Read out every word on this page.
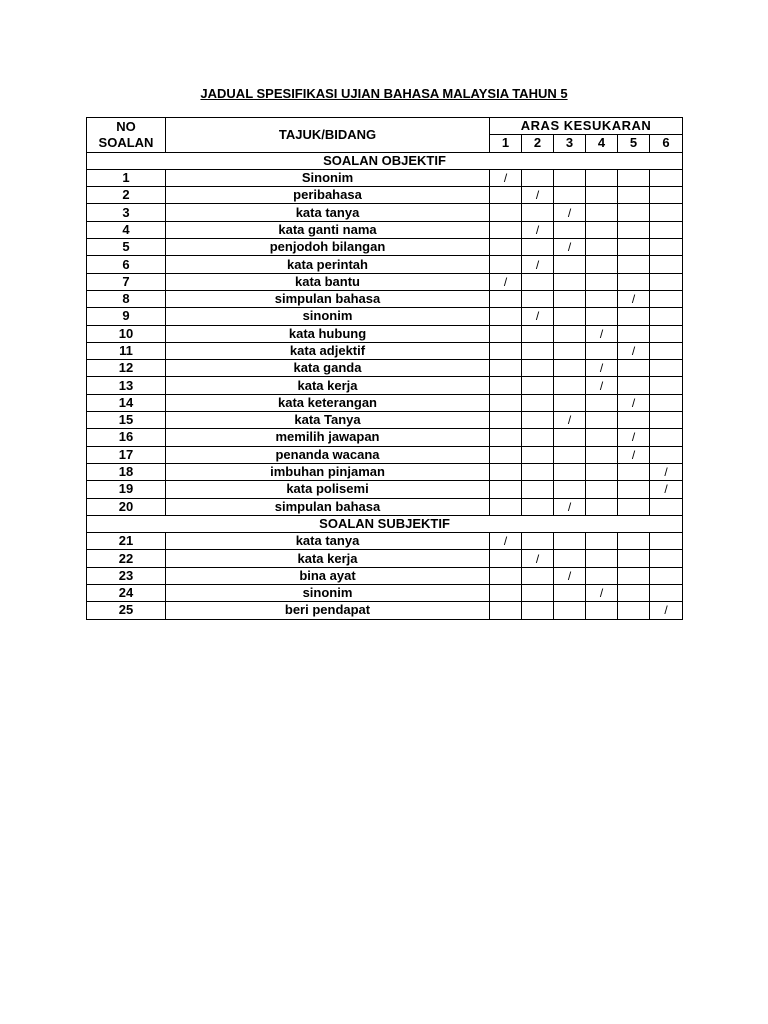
JADUAL SPESIFIKASI UJIAN BAHASA MALAYSIA TAHUN 5
NO
SOALAN	TAJUK/BIDANG	ARAS KESUKARAN					
		1	2	3	4	5	6
SOALAN OBJEKTIF							
1	Sinonim	/					
2	peribahasa		/				
3	kata tanya			/			
4	kata ganti nama		/				
5	penjodoh bilangan			/			
6	kata perintah		/				
7	kata bantu	/					
8	simpulan bahasa					/	
9	sinonim		/				
10	kata hubung				/		
11	kata adjektif					/	
12	kata ganda				/		
13	kata kerja				/		
14	kata keterangan					/	
15	kata Tanya			/			
16	memilih jawapan					/	
17	penanda wacana					/	
18	imbuhan pinjaman						/
19	kata polisemi						/
20	simpulan bahasa			/			
SOALAN SUBJEKTIF							
21	kata tanya	/					
22	kata kerja		/				
23	bina ayat			/			
24	sinonim				/		
25	beri pendapat						/
